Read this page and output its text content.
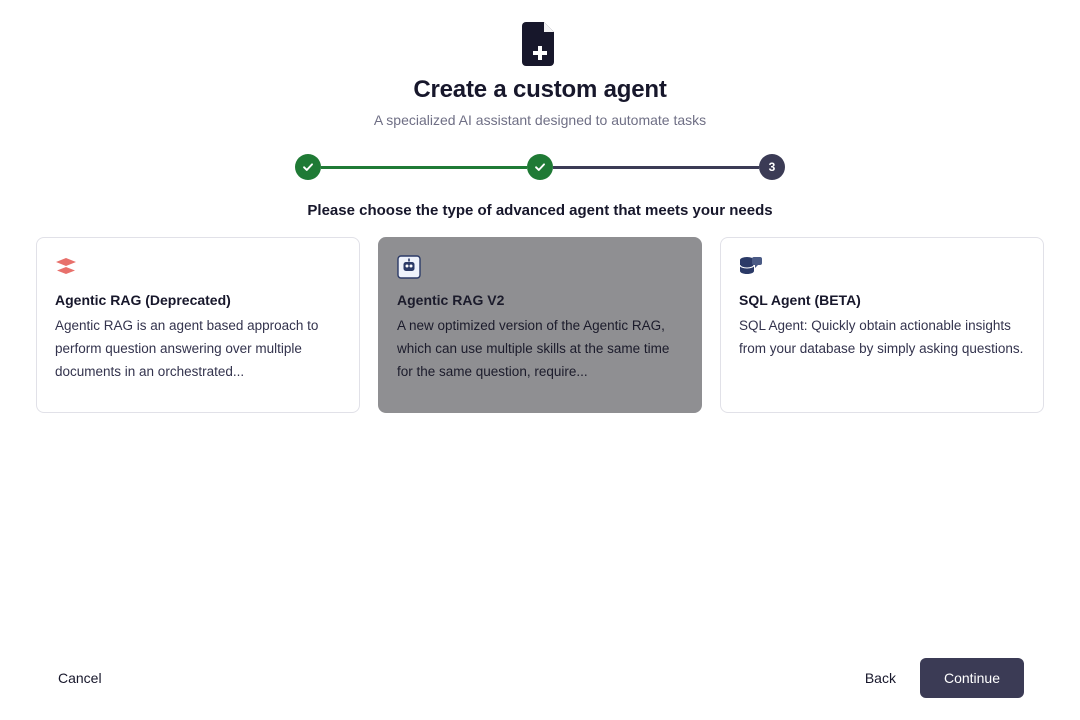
Create a custom agent

A specialized AI assistant designed to automate tasks

3
Please choose the type of advanced agent that meets your needs
Agentic RAG (Deprecated)

Agentic RAG is an agent based approach to perform question answering over multiple documents in an orchestrated...

Agentic RAG V2

A new optimized version of the Agentic RAG, which can use multiple skills at the same time for the same question, require...

SQL Agent (BETA)

SQL Agent: Quickly obtain actionable insights from your database by simply asking questions.

Cancel	Back	Continue
